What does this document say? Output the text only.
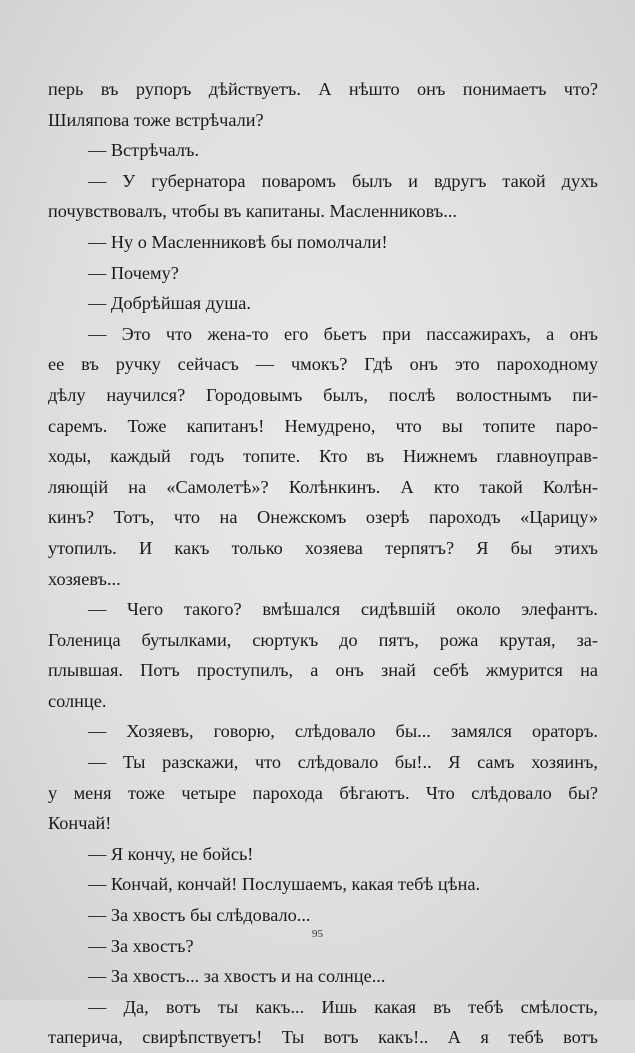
перь въ рупоръ дѣйствуетъ. А нѣшто онъ понимаетъ что?
Шиляпова тоже встрѣчали?
— Встрѣчалъ.
— У губернатора поваромъ былъ и вдругъ такой духъ
почувствовалъ, чтобы въ капитаны. Масленниковъ...
— Ну о Масленниковѣ бы помолчали!
— Почему?
— Добрѣйшая душа.
— Это что жена-то его бьетъ при пассажирахъ, а онъ
ее въ ручку сейчасъ — чмокъ? Гдѣ онъ это пароходному
дѣлу научился? Городовымъ былъ, послѣ волостнымъ пи-
саремъ. Тоже капитанъ! Немудрено, что вы топите паро-
ходы, каждый годъ топите. Кто въ Нижнемъ главноуправ-
ляющій на «Самолетѣ»? Колѣнкинъ. А кто такой Колѣн-
кинъ? Тотъ, что на Онежскомъ озерѣ пароходъ «Царицу»
утопилъ. И какъ только хозяева терпятъ? Я бы этихъ
хозяевъ...
— Чего такого? вмѣшался сидѣвшій около элефантъ.
Голеница бутылками, сюртукъ до пятъ, рожа крутая, за-
плывшая. Потъ проступилъ, а онъ знай себѣ жмурится на
солнце.
— Хозяевъ, говорю, слѣдовало бы... замялся ораторъ.
— Ты разскажи, что слѣдовало бы!.. Я самъ хозяинъ,
у меня тоже четыре парохода бѣгаютъ. Что слѣдовало бы?
Кончай!
— Я кончу, не бойсь!
— Кончай, кончай! Послушаемъ, какая тебѣ цѣна.
— За хвостъ бы слѣдовало...
— За хвостъ?
— За хвостъ... за хвостъ и на солнце...
— Да, вотъ ты какъ... Ишь какая въ тебѣ смѣлость,
таперича, свирѣпствуетъ! Ты вотъ какъ!.. А я тебѣ вотъ
95
